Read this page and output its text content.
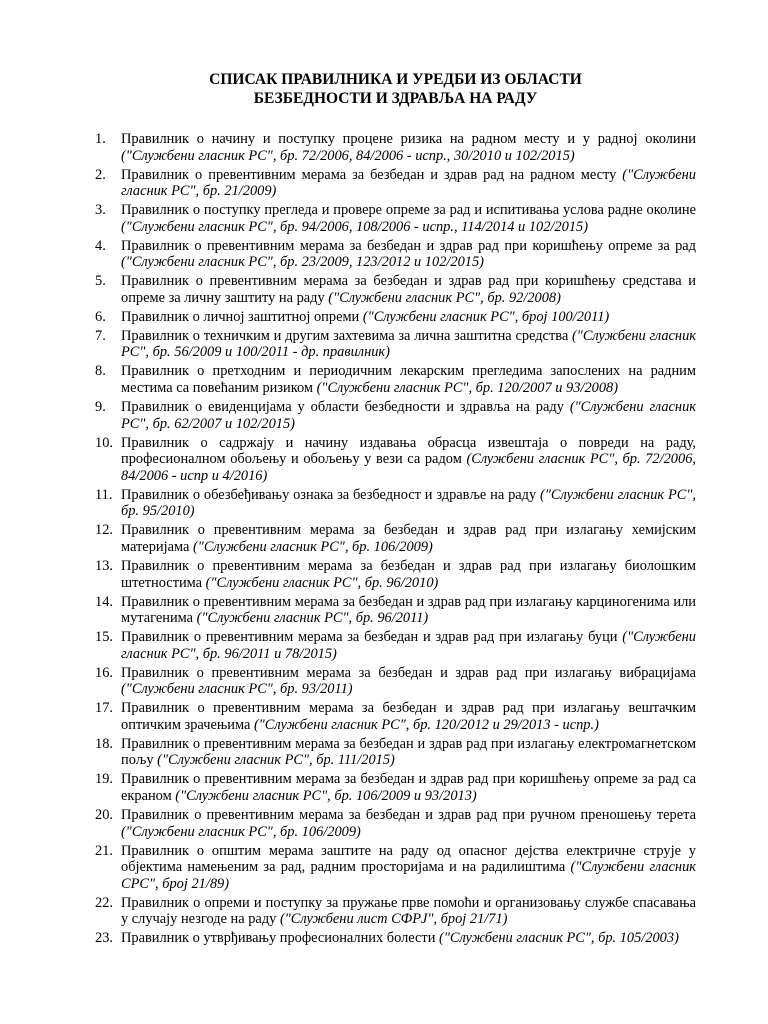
СПИСАК ПРАВИЛНИКА И УРЕДБИ ИЗ ОБЛАСТИ
БЕЗБЕДНОСТИ И ЗДРАВЉА НА РАДУ
1. Правилник о начину и поступку процене ризика на радном месту и у радној околини ("Службени гласник РС", бр. 72/2006, 84/2006 - испр., 30/2010 и 102/2015)
2. Правилник о превентивним мерама за безбедан и здрав рад на радном месту ("Службени гласник РС", бр. 21/2009)
3. Правилник о поступку прегледа и провере опреме за рад и испитивања услова радне околине ("Службени гласник РС", бр. 94/2006, 108/2006 - испр., 114/2014 и 102/2015)
4. Правилник о превентивним мерама за безбедан и здрав рад при коришћењу опреме за рад ("Службени гласник РС", бр. 23/2009, 123/2012 и 102/2015)
5. Правилник о превентивним мерама за безбедан и здрав рад при коришћењу средстава и опреме за личну заштиту на раду ("Службени гласник РС", бр. 92/2008)
6. Правилник о личној заштитној опреми ("Службени гласник РС", број 100/2011)
7. Правилник о техничким и другим захтевима за лична заштитна средства ("Службени гласник РС", бр. 56/2009 и 100/2011 - др. правилник)
8. Правилник о претходним и периодичним лекарским прегледима запослених на радним местима са повећаним ризиком ("Службени гласник РС", бр. 120/2007 и 93/2008)
9. Правилник о евиденцијама у области безбедности и здравља на раду ("Службени гласник РС", бр. 62/2007 и 102/2015)
10. Правилник о садржају и начину издавања обрасца извештаја о повреди на раду, професионалном обољењу и обољењу у вези са радом (Службени гласник РС", бр. 72/2006, 84/2006 - испр и 4/2016)
11. Правилник о обезбеђивању ознака за безбедност и здравље на раду ("Службени гласник РС", бр. 95/2010)
12. Правилник о превентивним мерама за безбедан и здрав рад при излагању хемијским материјама ("Службени гласник РС", бр. 106/2009)
13. Правилник о превентивним мерама за безбедан и здрав рад при излагању биолошким штетностима ("Службени гласник РС", бр. 96/2010)
14. Правилник о превентивним мерама за безбедан и здрав рад при излагању карциногенима или мутагенима ("Службени гласник РС", бр. 96/2011)
15. Правилник о превентивним мерама за безбедан и здрав рад при излагању буци ("Службени гласник РС", бр. 96/2011 и 78/2015)
16. Правилник о превентивним мерама за безбедан и здрав рад при излагању вибрацијама ("Службени гласник РС", бр. 93/2011)
17. Правилник о превентивним мерама за безбедан и здрав рад при излагању вештачким оптичким зрачењима ("Службени гласник РС", бр. 120/2012 и 29/2013 - испр.)
18. Правилник о превентивним мерама за безбедан и здрав рад при излагању електромагнетском пољу ("Службени гласник РС", бр. 111/2015)
19. Правилник о превентивним мерама за безбедан и здрав рад при коришћењу опреме за рад са екраном ("Службени гласник РС", бр. 106/2009 и 93/2013)
20. Правилник о превентивним мерама за безбедан и здрав рад при ручном преношењу терета ("Службени гласник РС", бр. 106/2009)
21. Правилник о општим мерама заштите на раду од опасног дејства електричне струје у објектима намењеним за рад, радним просторијама и на радилиштима ("Службени гласник СРС", број 21/89)
22. Правилник о опреми и поступку за пружање прве помоћи и организовању службе спасавања у случају незгоде на раду ("Службени лист СФРЈ", број 21/71)
23. Правилник о утврђивању професионалних болести ("Службени гласник РС", бр. 105/2003)
